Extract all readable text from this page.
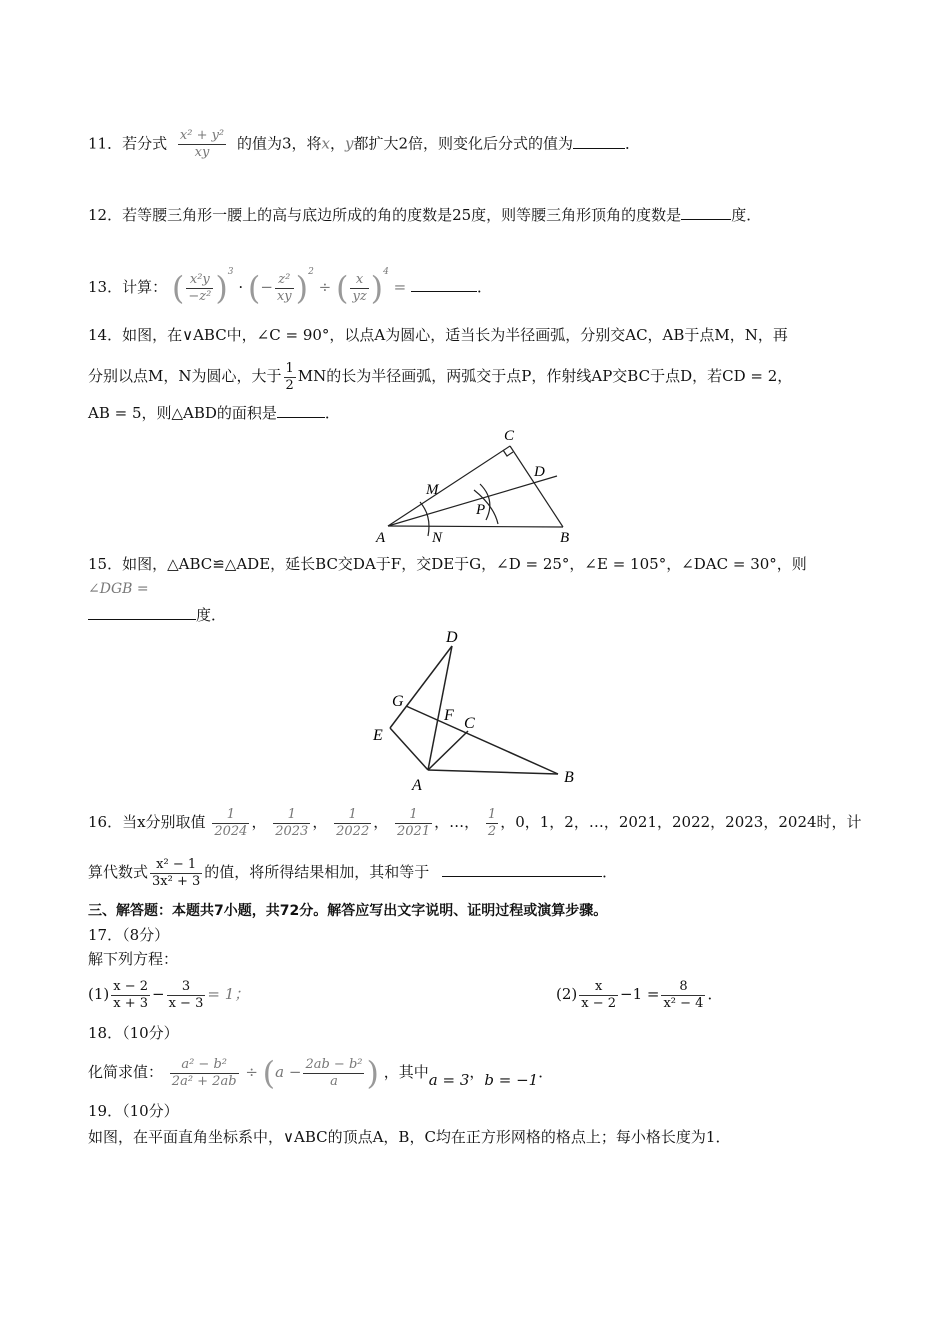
11．若分式 $\frac{\text{x² + y²}}{xy}$ 的值为3，将x，y都扩大2倍，则变化后分式的值为	．
12．若等腰三角形一腰上的高与底边所成的角的度数是25度，则等腰三角形顶角的度数是	度．
13．计算： ( $\frac{\text{x²y}}{\text{−z²}} )^3$ · (− $\frac{\text{z²}}{xy} )^2$ ÷ ( $\frac{x}{yz} )^4$ =	．
14．如图，在∨ABC中，∠C = 90°，以点A为圆心，适当长为半径画弧，分别交AC，AB于点M，N，再
分别以点M，N为圆心，大于 $\frac{1}{2}$ MN的长为半径画弧，两弧交于点P，作射线AP交BC于点D，若CD = 2，
AB = 5，则△ABD的面积是	．
C
D
M
P
A	N	B
15．如图，△ABC≌△ADE，延长BC交DA于F，交DE于G，∠D = 25°，∠E = 105°，∠DAC = 30°，则
∠DGB =
度．
D
G
F C
E
A	B
16．当x分别取值 $\frac{1}{2024}$ ， $\frac{1}{2023}$ ， $\frac{1}{2022}$ ， $\frac{1}{2021}$ ，…， $\frac{1}{2}$ ，0，1，2，…，2021，2022，2023，2024时，计
算代数式 $\frac{\text{x² − 1}}{\text{3x² + 3}}$ 的值，将所得结果相加，其和等于	．
三、解答题：本题共7小题，共72分。解答应写出文字说明、证明过程或演算步骤。
17．（8分）
解下列方程：
$(1) \frac{x - 2}{x + 3} - \frac{3}{x - 3} = 1$；	$(2) \frac{x}{x - 2} -1 = \frac{8}{\text{x² − 4}}$ ．
18．（10分）
化简求值： $\frac{\text{a² − b²}}{\text{2a² + 2ab}} \div (a - \frac{\text{2ab − b²}}{a}$ ) ，其中a = 3，b = −1．
19．（10分）
如图，在平面直角坐标系中，∨ABC的顶点A，B，C均在正方形网格的格点上；每小格长度为1．
